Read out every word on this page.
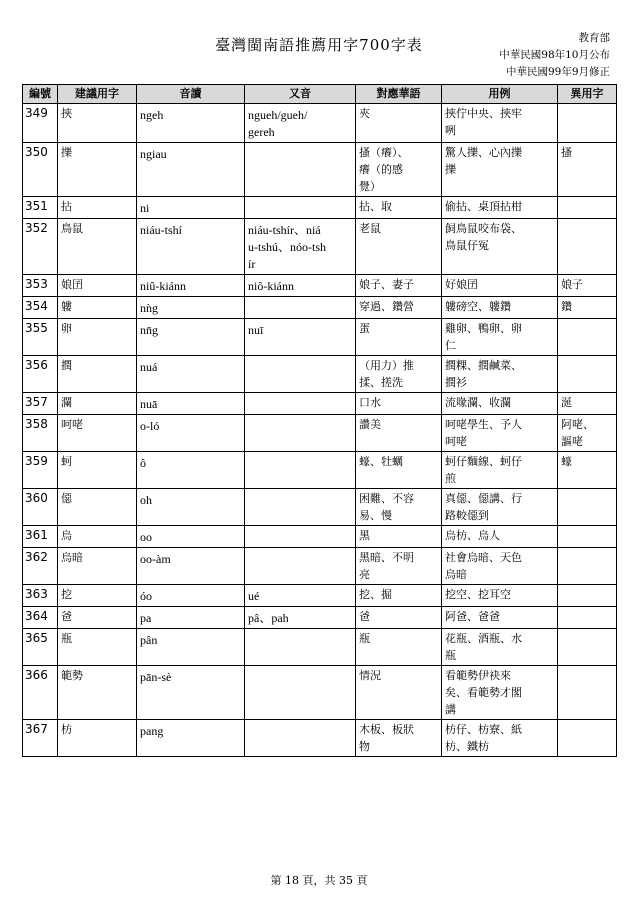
臺灣閩南語推薦用字700字表	教育部
中華民國98年10月公布
中華民國99年9月修正
編號	建議用字	音讀	又音	對應華語	用例	異用字
349	挾	ngeh	ngueh/gueh/
gereh	夾	挾佇中央、挾牢
咧	
350	擽	ngiau		搔（癢）、
癢（的感
覺）	驚人擽、心內擽
擽	搔
351	拈	ni		拈、取	偷拈、桌頂拈柑	
352	鳥鼠	niáu-tshí	niáu-tshír、niá
u-tshú、nóo-tsh
ír	老鼠	飼鳥鼠咬布袋、
鳥鼠仔冤	
353	娘囝	niû-kiánn	niô-kiánn	娘子、妻子	好娘囝	娘子
354	軁	nǹg		穿過、鑽營	軁磅空、軁鑽	鑽
355	卵	nn̄g	nuī	蛋	雞卵、鴨卵、卵
仁	
356	撋	nuá		（用力）推
揉、搓洗	撋粿、撋鹹菜、
撋衫	
357	瀾	nuā		口水	流喙瀾、收瀾	涎
358	呵咾	o-ló		讚美	呵咾學生、予人
呵咾	阿咾、
謳咾
359	蚵	ô		蠔、牡蠣	蚵仔麵線、蚵仔
煎	蠔
360	僫	oh		困難、不容
易、慢	真僫、僫講、行
路較僫到	
361	烏	oo		黑	烏枋、烏人	
362	烏暗	oo-àm		黑暗、不明
亮	社會烏暗、天色
烏暗	
363	挖	óo	ué	挖、掘	挖空、挖耳空	
364	爸	pa	pâ、pah	爸	阿爸、爸爸	
365	瓶	pân		瓶	花瓶、酒瓶、水
瓶	
366	範勢	pān-sè		情況	看範勢伊袂來
矣、看範勢才閣
講	
367	枋	pang		木板、板狀
物	枋仔、枋寮、紙
枋、鐵枋	
第 18 頁，共 35 頁
